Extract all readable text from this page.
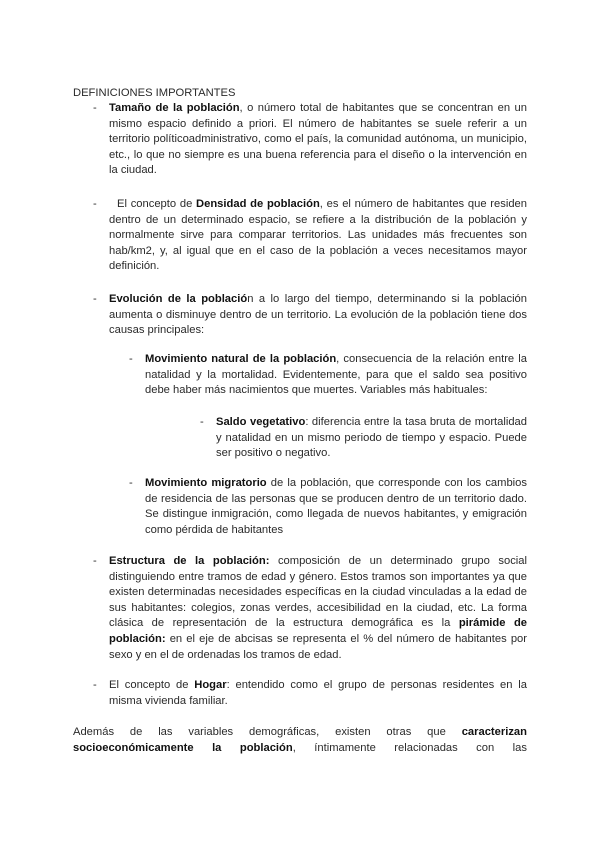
DEFINICIONES IMPORTANTES

- Tamaño de la población, o número total de habitantes que se concentran en un mismo espacio definido a priori. El número de habitantes se suele referir a un territorio políticoadministrativo, como el país, la comunidad autónoma, un municipio, etc., lo que no siempre es una buena referencia para el diseño o la intervención en la ciudad.

-	El concepto de Densidad de población, es el número de habitantes que residen dentro de un determinado espacio, se refiere a la distribución de la población y normalmente sirve para comparar territorios. Las unidades más frecuentes son hab/km2, y, al igual que en el caso de la población a veces necesitamos mayor definición.

- Evolución de la población a lo largo del tiempo, determinando si la población aumenta o disminuye dentro de un territorio. La evolución de la población tiene dos causas principales:

- Movimiento natural de la población, consecuencia de la relación entre la natalidad y la mortalidad. Evidentemente, para que el saldo sea positivo debe haber más nacimientos que muertes. Variables más habituales:

- Saldo vegetativo: diferencia entre la tasa bruta de mortalidad y natalidad en un mismo periodo de tiempo y espacio. Puede ser positivo o negativo.

- Movimiento migratorio de la población, que corresponde con los cambios de residencia de las personas que se producen dentro de un territorio dado. Se distingue inmigración, como llegada de nuevos habitantes, y emigración como pérdida de habitantes

- Estructura de la población: composición de un determinado grupo social distinguiendo entre tramos de edad y género. Estos tramos son importantes ya que existen determinadas necesidades específicas en la ciudad vinculadas a la edad de sus habitantes: colegios, zonas verdes, accesibilidad en la ciudad, etc. La forma clásica de representación de la estructura demográfica es la pirámide de población: en el eje de abcisas se representa el % del número de habitantes por sexo y en el de ordenadas los tramos de edad.

- El concepto de Hogar: entendido como el grupo de personas residentes en la misma vivienda familiar.

Además de las variables demográficas, existen otras que caracterizan socioeconómicamente la población, íntimamente relacionadas con las
